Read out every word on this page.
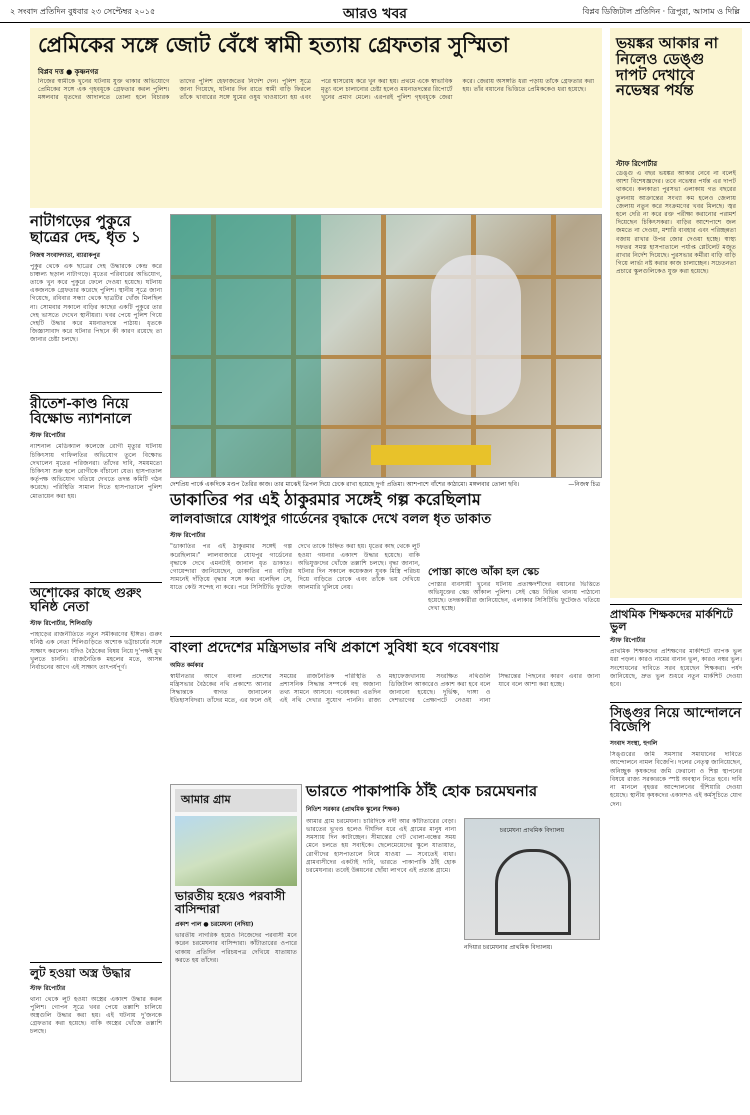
২ সংবাদ প্রতিদিন বুধবার ২৩ সেপ্টেম্বর ২০১৫	আরও খবর	বিপ্লব ডিজিটাল প্রতিদিন · ত্রিপুরা, আসাম ও দিল্লি
প্রেমিকের সঙ্গে জোট বেঁধে স্বামী হত্যায় গ্রেফতার সুস্মিতা
বিপ্লব দত্ত ● কৃষ্ণনগর
নিজের স্বামীকে খুনের ঘটনায় যুক্ত থাকার অভিযোগে প্রেমিকের সঙ্গে এক গৃহবধূকে গ্রেফতার করল পুলিশ। মঙ্গলবার ধৃতদের আদালতে তোলা হলে বিচারক তাদের পুলিশ হেফাজতের নির্দেশ দেন। পুলিশ সূত্রে জানা গিয়েছে, ঘটনার দিন রাতে স্বামী বাড়ি ফিরলে তাঁকে খাবারের সঙ্গে ঘুমের ওষুধ খাওয়ানো হয় এবং পরে শ্বাসরোধ করে খুন করা হয়। প্রথমে একে স্বাভাবিক মৃত্যু বলে চালানোর চেষ্টা হলেও ময়নাতদন্তের রিপোর্টে খুনের প্রমাণ মেলে। এরপরই পুলিশ গৃহবধূকে জেরা করে। জেরায় অসঙ্গতি ধরা পড়ায় তাঁকে গ্রেফতার করা হয়। তাঁর বয়ানের ভিত্তিতে প্রেমিককেও ধরা হয়েছে।
ভয়ঙ্কর আকার না নিলেও ডেঙ্গু দাপট দেখাবে নভেম্বর পর্যন্ত
স্টাফ রিপোর্টার
ডেঙ্গু এ বছর ভয়ঙ্কর আকার নেবে না বলেই আশা বিশেষজ্ঞদের। তবে নভেম্বর পর্যন্ত এর দাপট থাকবে। কলকাতা পুরসভা এলাকায় গত বছরের তুলনায় আক্রান্তের সংখ্যা কম হলেও জেলায় জেলায় নতুন করে সংক্রমণের খবর মিলছে। জ্বর হলে দেরি না করে রক্ত পরীক্ষা করানোর পরামর্শ দিয়েছেন চিকিৎসকরা। বাড়ির আশেপাশে জল জমতে না দেওয়া, মশারি ব্যবহার এবং পরিচ্ছন্নতা বজায় রাখার উপর জোর দেওয়া হচ্ছে। স্বাস্থ্য দফতর সমস্ত হাসপাতালে পর্যাপ্ত প্লেটলেট মজুত রাখার নির্দেশ দিয়েছে। পুরসভার কর্মীরা বাড়ি বাড়ি গিয়ে লার্ভা নষ্ট করার কাজ চালাচ্ছেন। সচেতনতা প্রচারে স্কুলগুলিকেও যুক্ত করা হয়েছে।
নাটাগড়ের পুকুরে ছাত্রের দেহ, ধৃত ১
নিজস্ব সংবাদদাতা, ব্যারাকপুর
পুকুর থেকে এক ছাত্রের দেহ উদ্ধারকে কেন্দ্র করে চাঞ্চল্য ছড়াল নাটাগড়ে। মৃতের পরিবারের অভিযোগ, তাকে খুন করে পুকুরে ফেলে দেওয়া হয়েছে। ঘটনায় একজনকে গ্রেফতার করেছে পুলিশ। স্থানীয় সূত্রে জানা গিয়েছে, রবিবার সন্ধ্যা থেকে ছাত্রটির খোঁজ মিলছিল না। সোমবার সকালে বাড়ির কাছের একটি পুকুরে তার দেহ ভাসতে দেখেন স্থানীয়রা। খবর পেয়ে পুলিশ গিয়ে দেহটি উদ্ধার করে ময়নাতদন্তে পাঠায়। ধৃতকে জিজ্ঞাসাবাদ করে ঘটনার পিছনে কী কারণ রয়েছে তা জানার চেষ্টা চলছে।
দেশপ্রিয় পার্কে একদিকে মণ্ডপ তৈরির কাজ। তার মাঝেই ত্রিপল দিয়ে ঢেকে রাখা হয়েছে দুর্গা প্রতিমা। আশপাশে বাঁশের কাঠামো। মঙ্গলবার তোলা ছবি।	—নিজস্ব চিত্র
রীতেশ-কাণ্ড নিয়ে বিক্ষোভ ন্যাশনালে
স্টাফ রিপোর্টার
ন্যাশনাল মেডিক্যাল কলেজে রোগী মৃত্যুর ঘটনায় চিকিৎসায় গাফিলতির অভিযোগ তুলে বিক্ষোভ দেখালেন মৃতের পরিজনরা। তাঁদের দাবি, সময়মতো চিকিৎসা শুরু হলে রোগীকে বাঁচানো যেত। হাসপাতাল কর্তৃপক্ষ অভিযোগ খতিয়ে দেখতে তদন্ত কমিটি গঠন করেছে। পরিস্থিতি সামাল দিতে হাসপাতালে পুলিশ মোতায়েন করা হয়।	ডাকাতির পর এই ঠাকুরমার সঙ্গেই গল্প করেছিলাম
লালবাজারে যোধপুর গার্ডেনের বৃদ্ধাকে দেখে বলল ধৃত ডাকাত
স্টাফ রিপোর্টার
"ডাকাতির পর এই ঠাকুরমার সঙ্গেই গল্প করেছিলাম।" লালবাজারে যোধপুর গার্ডেনের বৃদ্ধাকে দেখে এমনটাই জানাল ধৃত ডাকাত। গোয়েন্দারা জানিয়েছেন, ডাকাতির পর বাড়ির সামনেই দাঁড়িয়ে বৃদ্ধার সঙ্গে কথা বলেছিল সে, যাতে কেউ সন্দেহ না করে। পরে সিসিটিভি ফুটেজ দেখে তাকে চিহ্নিত করা হয়। ধৃতের কাছ থেকে লুট হওয়া গয়নার একাংশ উদ্ধার হয়েছে। বাকি অভিযুক্তদের খোঁজে তল্লাশি চলছে। বৃদ্ধা জানান, ঘটনার দিন সকালে কয়েকজন যুবক মিস্ত্রি পরিচয় দিয়ে বাড়িতে ঢোকে এবং তাঁকে ভয় দেখিয়ে আলমারি খুলিয়ে নেয়।
পোস্তা কাণ্ডে আঁকা হল স্কেচ
পোস্তার ব্যবসায়ী খুনের ঘটনায় প্রত্যক্ষদর্শীদের বয়ানের ভিত্তিতে অভিযুক্তের স্কেচ আঁকাল পুলিশ। সেই স্কেচ বিভিন্ন থানায় পাঠানো হয়েছে। তদন্তকারীরা জানিয়েছেন, এলাকার সিসিটিভি ফুটেজও খতিয়ে দেখা হচ্ছে।	প্রাথমিক শিক্ষকদের মার্কশিটে ভুল
স্টাফ রিপোর্টার
প্রাথমিক শিক্ষকদের প্রশিক্ষণের মার্কশিটে ব্যাপক ভুল ধরা পড়ল। কারও নামের বানান ভুল, কারও নম্বর ভুল। সংশোধনের দাবিতে সরব হয়েছেন শিক্ষকরা। পর্ষদ জানিয়েছে, দ্রুত ভুল শুধরে নতুন মার্কশিট দেওয়া হবে।
অশোকের কাছে গুরুং ঘনিষ্ঠ নেতা
স্টাফ রিপোর্টার, শিলিগুড়ি
পাহাড়ের রাজনীতিতে নতুন সমীকরণের ইঙ্গিত। গুরুং ঘনিষ্ঠ এক নেতা শিলিগুড়িতে অশোক ভট্টাচার্যের সঙ্গে সাক্ষাৎ করলেন। যদিও বৈঠকের বিষয় নিয়ে দু'পক্ষই মুখ খুলতে চাননি। রাজনৈতিক মহলের মতে, আসন্ন নির্বাচনের আগে এই সাক্ষাৎ তাৎপর্যপূর্ণ।
বাংলা প্রদেশের মন্ত্রিসভার নথি প্রকাশে সুবিধা হবে গবেষণায়
অমিত কর্মকার
স্বাধীনতার আগে বাংলা প্রদেশের মন্ত্রিসভার বৈঠকের নথি প্রকাশ্যে আনার সিদ্ধান্তকে স্বাগত জানালেন ইতিহাসবিদরা। তাঁদের মতে, এর ফলে ওই সময়ের রাজনৈতিক পরিস্থিতি ও প্রশাসনিক সিদ্ধান্ত সম্পর্কে বহু অজানা তথ্য সামনে আসবে। গবেষকরা এতদিন এই নথি দেখার সুযোগ পাননি। রাজ্য মহাফেজখানায় সংরক্ষিত নথিগুলি ডিজিটাল আকারেও প্রকাশ করা হবে বলে জানানো হয়েছে। দুর্ভিক্ষ, দাঙ্গা ও দেশভাগের প্রেক্ষাপটে নেওয়া নানা সিদ্ধান্তের পিছনের কারণ এবার জানা যাবে বলে আশা করা হচ্ছে।
সিঙ্গুর নিয়ে আন্দোলনে বিজেপি
সংবাদ সংস্থা, হুগলি
সিঙ্গুরের জমি সমস্যার সমাধানের দাবিতে আন্দোলনে নামল বিজেপি। দলের নেতৃত্ব জানিয়েছেন, অনিচ্ছুক কৃষকদের জমি ফেরানো ও শিল্প স্থাপনের বিষয়ে রাজ্য সরকারকে স্পষ্ট অবস্থান নিতে হবে। দাবি না মানলে বৃহত্তর আন্দোলনের হুঁশিয়ারি দেওয়া হয়েছে। স্থানীয় কৃষকদের একাংশও এই কর্মসূচিতে যোগ দেন।
লুট হওয়া অস্ত্র উদ্ধার
স্টাফ রিপোর্টার
থানা থেকে লুট হওয়া অস্ত্রের একাংশ উদ্ধার করল পুলিশ। গোপন সূত্রে খবর পেয়ে তল্লাশি চালিয়ে অস্ত্রগুলি উদ্ধার করা হয়। এই ঘটনায় দু'জনকে গ্রেফতার করা হয়েছে। বাকি অস্ত্রের খোঁজে তল্লাশি চলছে।
আমার গ্রাম
ভারতীয় হয়েও পরবাসী বাসিন্দারা
প্রকাশ পাল ● চরমেঘনা (নদিয়া)
ভারতীয় নাগরিক হয়েও নিজেদের পরবাসী মনে করেন চরমেঘনার বাসিন্দারা। কাঁটাতারের ওপারে থাকায় প্রতিদিন পরিচয়পত্র দেখিয়ে যাতায়াত করতে হয় তাঁদের।
ভারতে পাকাপাকি ঠাঁই হোক চরমেঘনার
নিতিশ সরকার (প্রাথমিক স্কুলের শিক্ষক)
আমার গ্রাম চরমেঘনা। চারিদিকে নদী আর কাঁটাতারের বেড়া। ভারতের ভূখণ্ড হলেও দীর্ঘদিন ধরে এই গ্রামের মানুষ নানা সমস্যায় দিন কাটাচ্ছেন। সীমান্তের গেট খোলা-বন্ধের সময় মেনে চলতে হয় সবাইকে। ছেলেমেয়েদের স্কুলে যাতায়াত, রোগীদের হাসপাতালে নিয়ে যাওয়া — সবেতেই বাধা। গ্রামবাসীদের একটাই দাবি, ভারতে পাকাপাকি ঠাঁই হোক চরমেঘনার। তবেই উন্নয়নের ছোঁয়া লাগবে এই প্রত্যন্ত গ্রামে।
চরমেঘনা প্রাথমিক বিদ্যালয়
নদিয়ার চরমেঘনার প্রাথমিক বিদ্যালয়।
